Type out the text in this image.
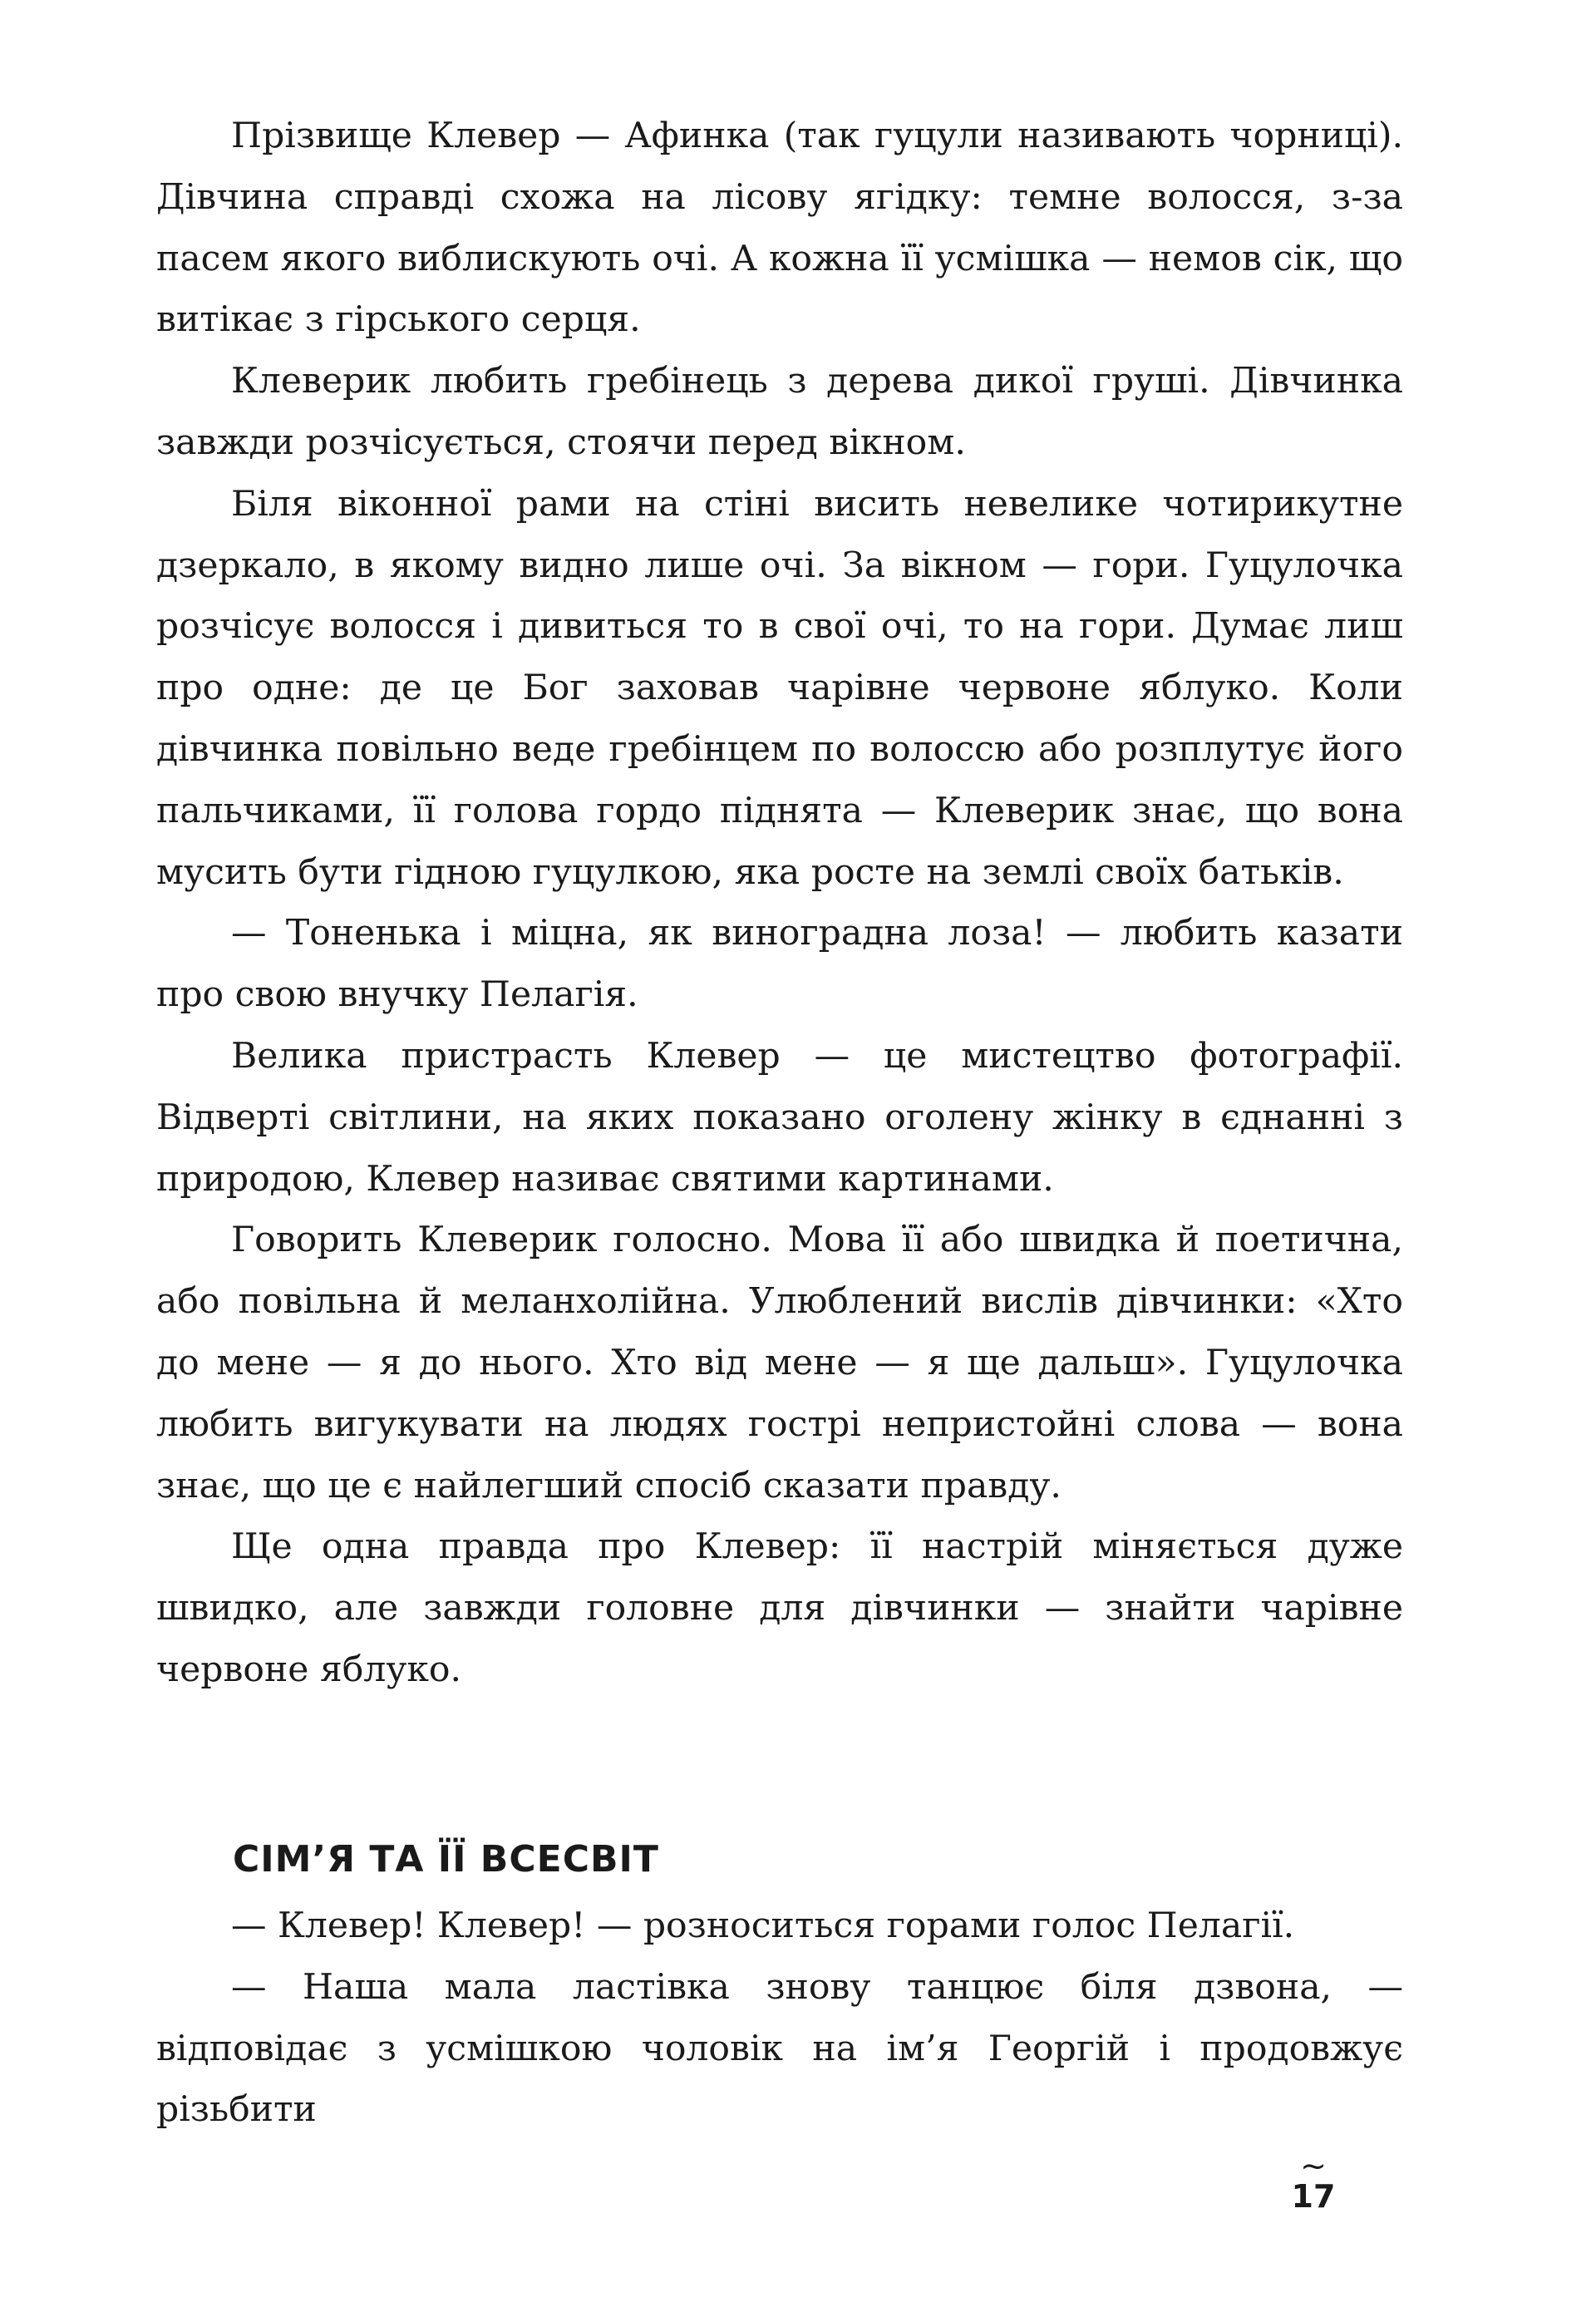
Прізвище Клевер — Афинка (так гуцули називають чорниці). Дівчина справді схожа на лісову ягідку: темне волосся, з-за пасем якого виблискують очі. А кожна її усмішка — немов сік, що витікає з гірського серця.

Клеверик любить гребінець з дерева дикої груші. Дівчинка завжди розчісується, стоячи перед вікном.

Біля віконної рами на стіні висить невелике чотирикутне дзеркало, в якому видно лише очі. За вікном — гори. Гуцулочка розчісує волосся і дивиться то в свої очі, то на гори. Думає лиш про одне: де це Бог заховав чарівне червоне яблуко. Коли дівчинка повільно веде гребінцем по волоссю або розплутує його пальчиками, її голова гордо піднята — Клеверик знає, що вона мусить бути гідною гуцулкою, яка росте на землі своїх батьків.

— Тоненька і міцна, як виноградна лоза! — любить казати про свою внучку Пелагія.

Велика пристрасть Клевер — це мистецтво фотографії. Відверті світлини, на яких показано оголену жінку в єднанні з природою, Клевер називає святими картинами.

Говорить Клеверик голосно. Мова її або швидка й поетична, або повільна й меланхолійна. Улюблений вислів дівчинки: «Хто до мене — я до нього. Хто від мене — я ще дальш». Гуцулочка любить вигукувати на людях гострі непристойні слова — вона знає, що це є найлегший спосіб сказати правду.

Ще одна правда про Клевер: її настрій міняється дуже швидко, але завжди головне для дівчинки — знайти чарівне червоне яблуко.

СІМ’Я ТА ЇЇ ВСЕСВІТ

— Клевер! Клевер! — розноситься горами голос Пелагії.

— Наша мала ластівка знову танцює біля дзвона, — відповідає з усмішкою чоловік на ім’я Георгій і продовжує різьбити

~
17
